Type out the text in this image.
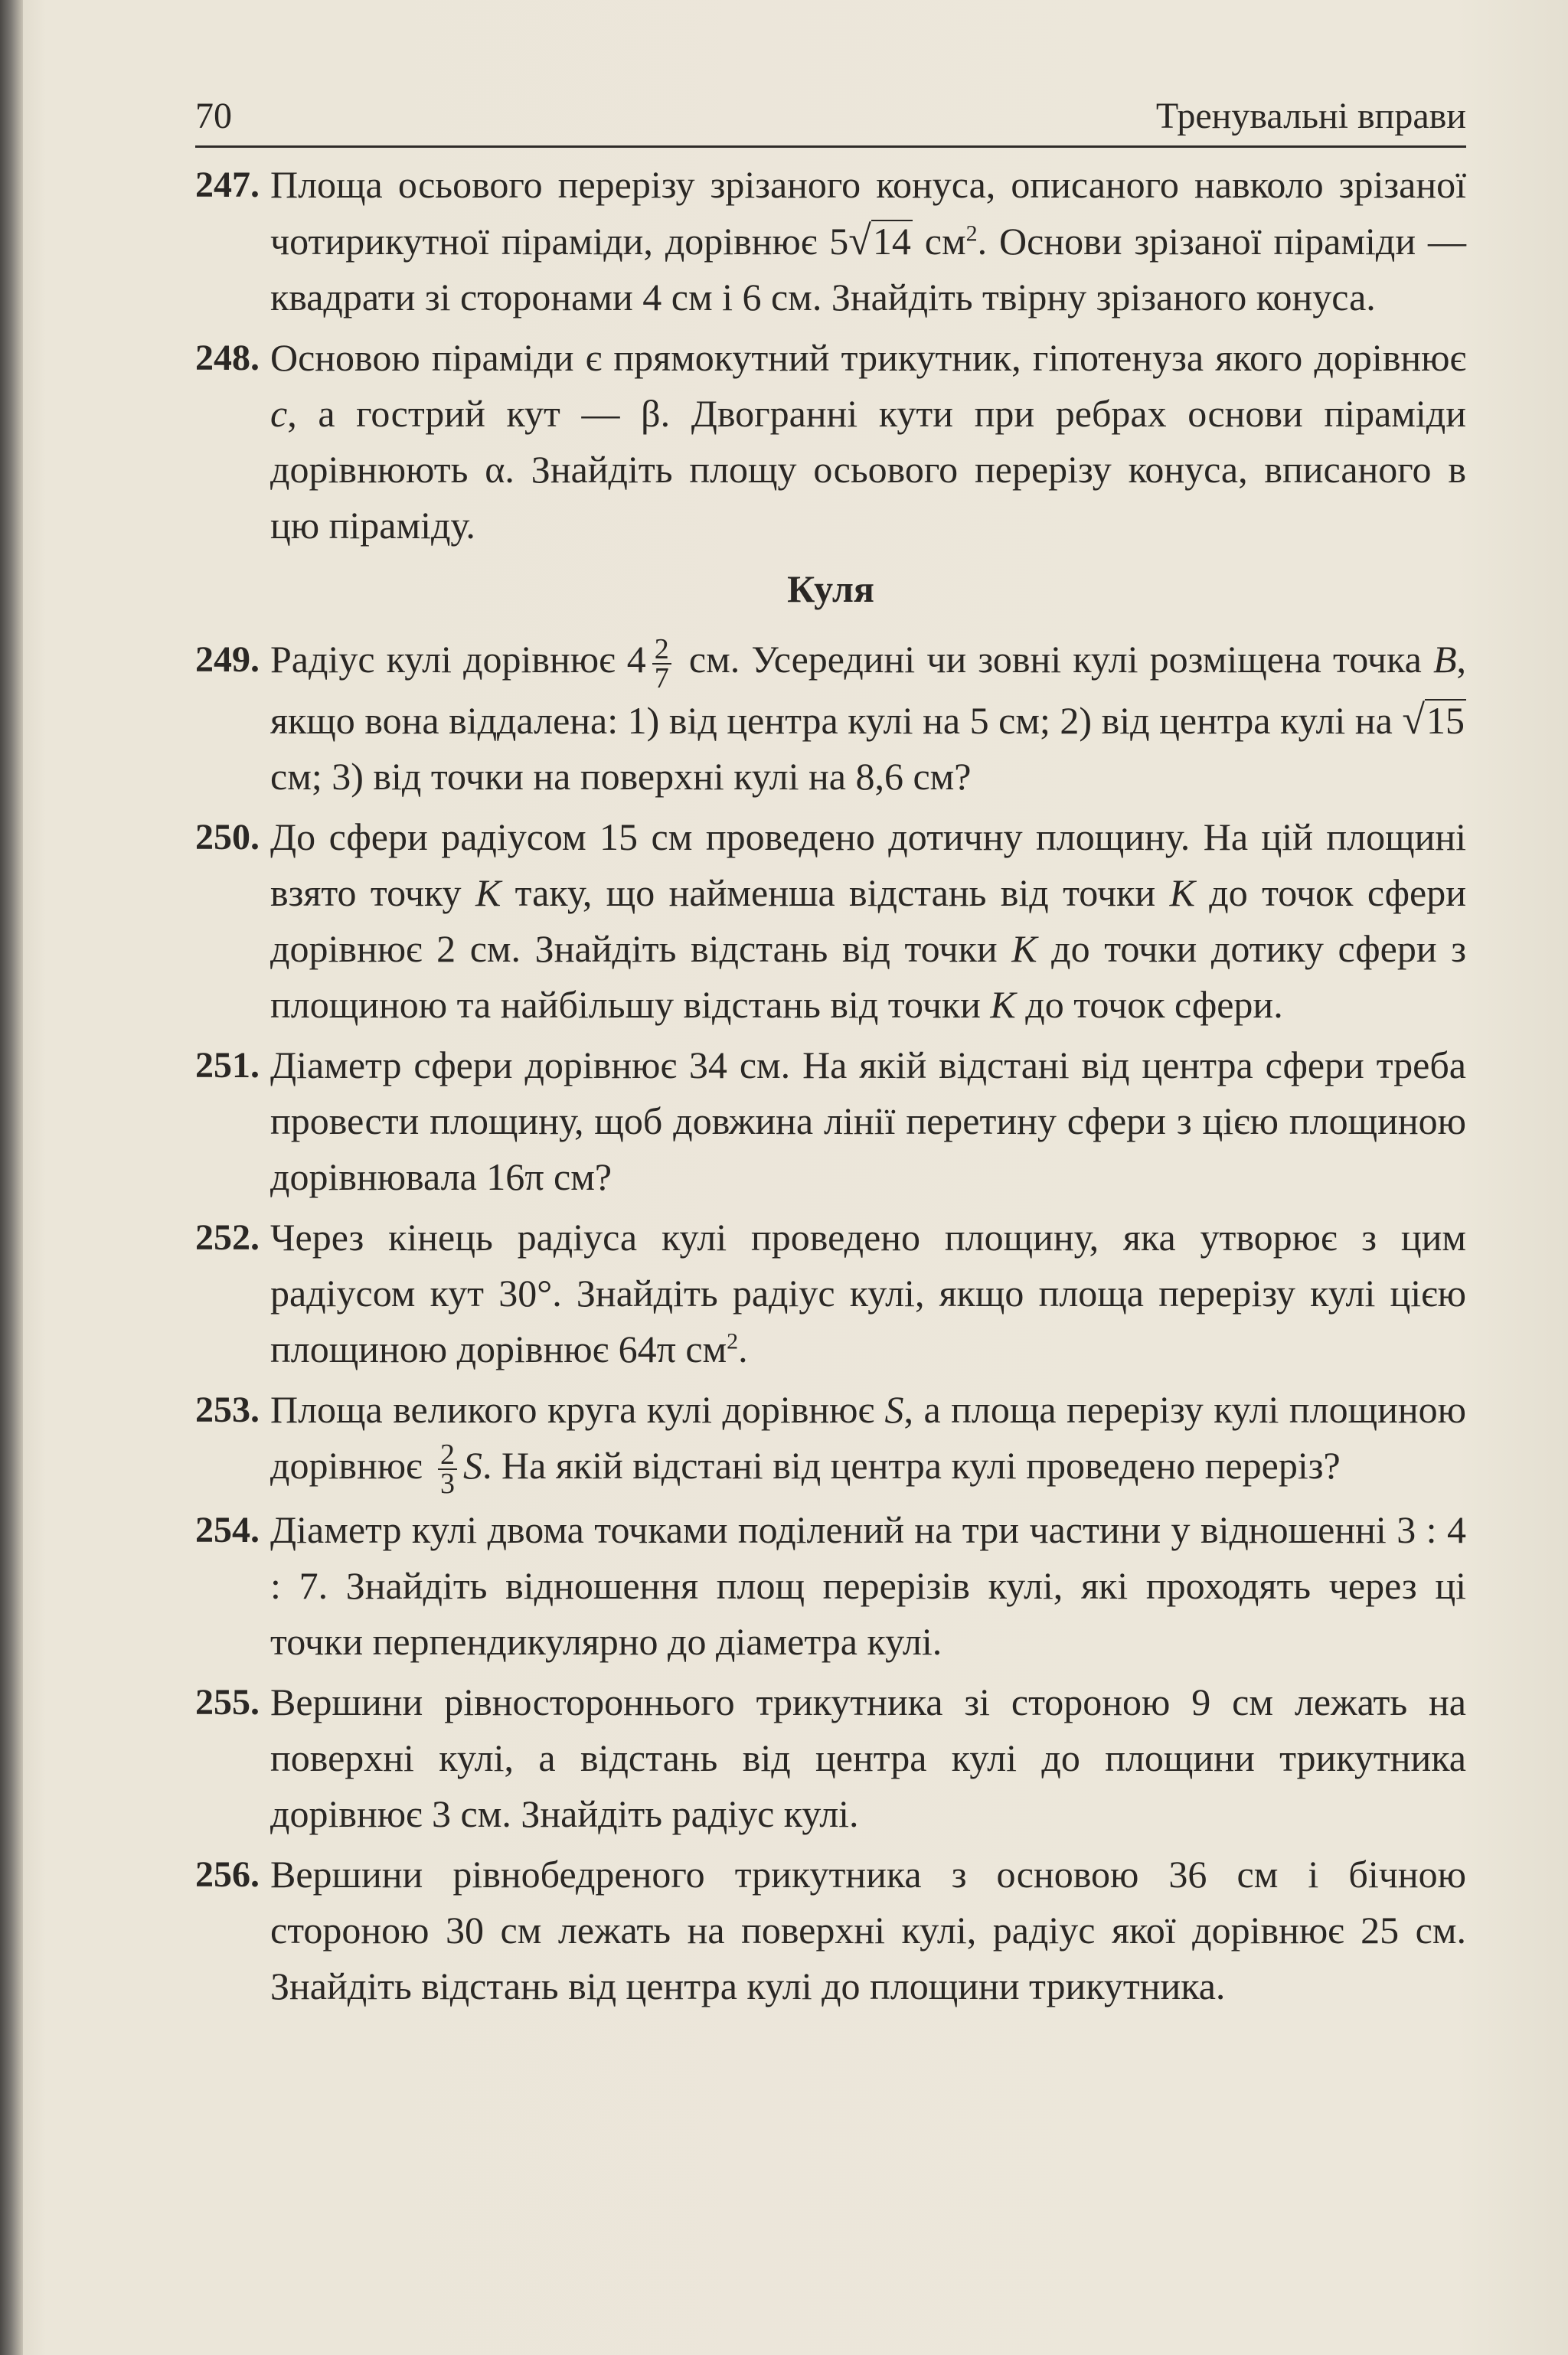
70	Тренувальні вправи
247. Площа осьового перерізу зрізаного конуса, описаного навколо зрізаної чотирикутної піраміди, дорівнює 5√14 $см^2$. Основи зрізаної піраміди — квадрати зі сторонами 4 см і 6 см. Знайдіть твірну зрізаного конуса.
248. Основою піраміди є прямокутний трикутник, гіпотенуза якого дорівнює c, а гострий кут — β. Двогранні кути при ребрах основи піраміди дорівнюють α. Знайдіть площу осьового перерізу конуса, вписаного в цю піраміду.
Куля
249. Радіус кулі дорівнює $4 \frac{2}{7}$ см. Усередині чи зовні кулі розміщена точка B, якщо вона віддалена: 1) від центра кулі на 5 см; 2) від центра кулі на √15 см; 3) від точки на поверхні кулі на 8,6 см?
250. До сфери радіусом 15 см проведено дотичну площину. На цій площині взято точку K таку, що найменша відстань від точки K до точок сфери дорівнює 2 см. Знайдіть відстань від точки K до точки дотику сфери з площиною та найбільшу відстань від точки K до точок сфери.
251. Діаметр сфери дорівнює 34 см. На якій відстані від центра сфери треба провести площину, щоб довжина лінії перетину сфери з цією площиною дорівнювала 16π см?
252. Через кінець радіуса кулі проведено площину, яка утворює з цим радіусом кут 30°. Знайдіть радіус кулі, якщо площа перерізу кулі цією площиною дорівнює 64π $см^2$.
253. Площа великого круга кулі дорівнює S, а площа перерізу кулі площиною дорівнює $\frac{2}{3} S$. На якій відстані від центра кулі проведено переріз?
254. Діаметр кулі двома точками поділений на три частини у відношенні 3 : 4 : 7. Знайдіть відношення площ перерізів кулі, які проходять через ці точки перпендикулярно до діаметра кулі.
255. Вершини рівностороннього трикутника зі стороною 9 см лежать на поверхні кулі, а відстань від центра кулі до площини трикутника дорівнює 3 см. Знайдіть радіус кулі.
256. Вершини рівнобедреного трикутника з основою 36 см і бічною стороною 30 см лежать на поверхні кулі, радіус якої дорівнює 25 см. Знайдіть відстань від центра кулі до площини трикутника.
